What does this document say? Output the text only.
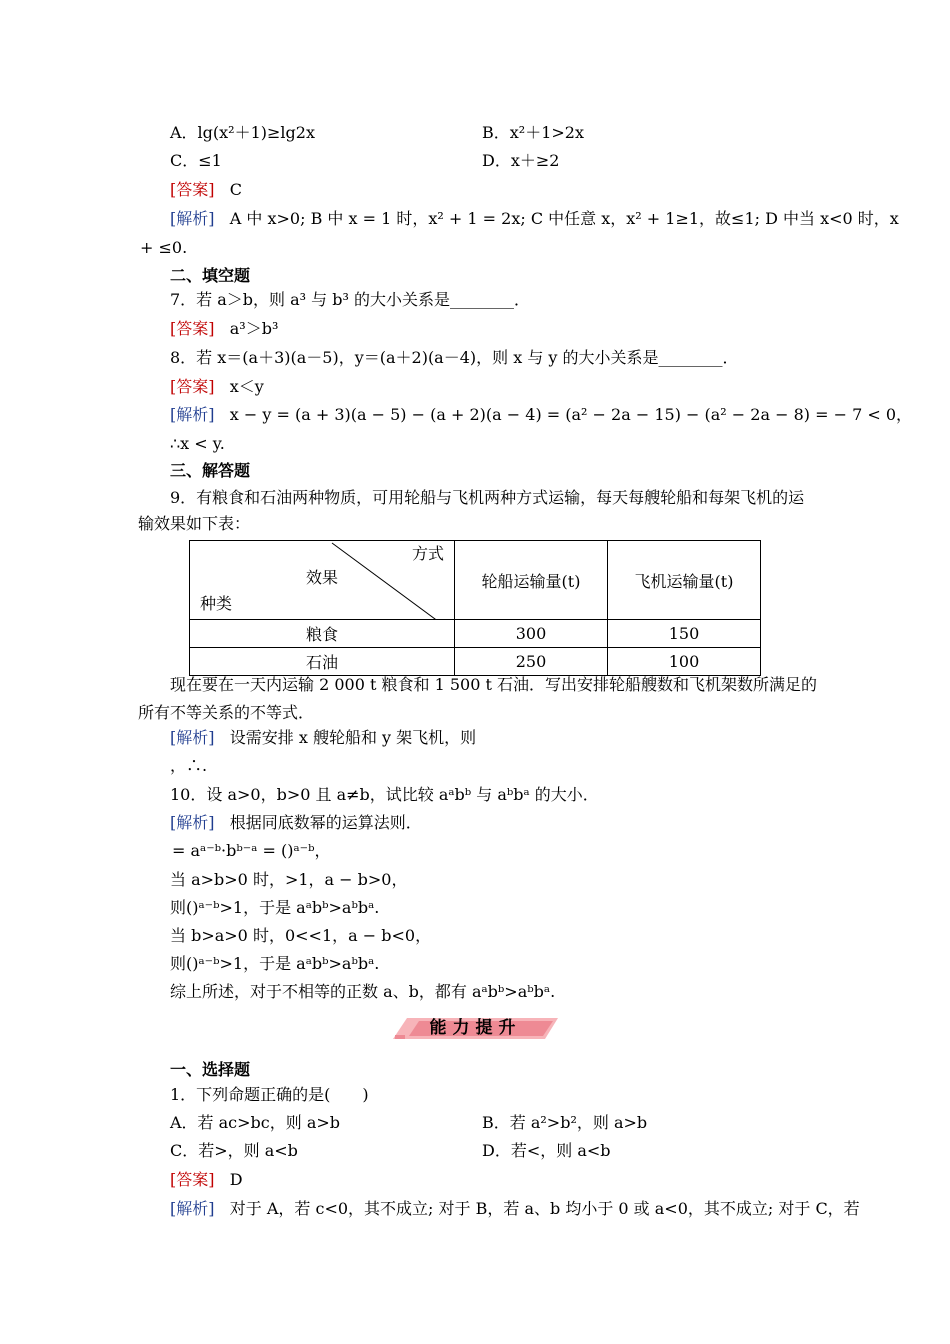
A．lg(x²＋1)≥lg2x	B．x²＋1>2x
C．≤1	D．x＋≥2
[答案] C
[解析] A 中 x>0; B 中 x = 1 时，x² + 1 = 2x; C 中任意 x，x² + 1≥1，故≤1; D 中当 x<0 时，x
+ ≤0.
二、填空题
7．若 a＞b，则 a³ 与 b³ 的大小关系是________．
[答案] a³＞b³
8．若 x＝(a＋3)(a－5)，y＝(a＋2)(a－4)，则 x 与 y 的大小关系是________．
[答案] x＜y
[解析] x − y = (a + 3)(a − 5) − (a + 2)(a − 4) = (a² − 2a − 15) − (a² − 2a − 8) = − 7 < 0，
∴x < y.
三、解答题
9．有粮食和石油两种物质，可用轮船与飞机两种方式运输，每天每艘轮船和每架飞机的运
输效果如下表：
方式
效果
种类	轮船运输量(t)	飞机运输量(t)
粮食	300	150
石油	250	100
现在要在一天内运输 2 000 t 粮食和 1 500 t 石油．写出安排轮船艘数和飞机架数所满足的
所有不等关系的不等式．
[解析] 设需安排 x 艘轮船和 y 架飞机，则
，∴.
10．设 a>0，b>0 且 a≠b，试比较 aᵃbᵇ 与 aᵇbᵃ 的大小．
[解析] 根据同底数幂的运算法则．
= aᵃ⁻ᵇ·bᵇ⁻ᵃ = ()ᵃ⁻ᵇ，
当 a>b>0 时，>1，a − b>0，
则()ᵃ⁻ᵇ>1，于是 aᵃbᵇ>aᵇbᵃ.
当 b>a>0 时，0<<1，a − b<0，
则()ᵃ⁻ᵇ>1，于是 aᵃbᵇ>aᵇbᵃ.
综上所述，对于不相等的正数 a、b，都有 aᵃbᵇ>aᵇbᵃ.
能力提升
一、选择题
1．下列命题正确的是(　　)
A．若 ac>bc，则 a>b	B．若 a²>b²，则 a>b
C．若>，则 a<b	D．若<，则 a<b
[答案] D
[解析] 对于 A，若 c<0，其不成立; 对于 B，若 a、b 均小于 0 或 a<0，其不成立; 对于 C，若
